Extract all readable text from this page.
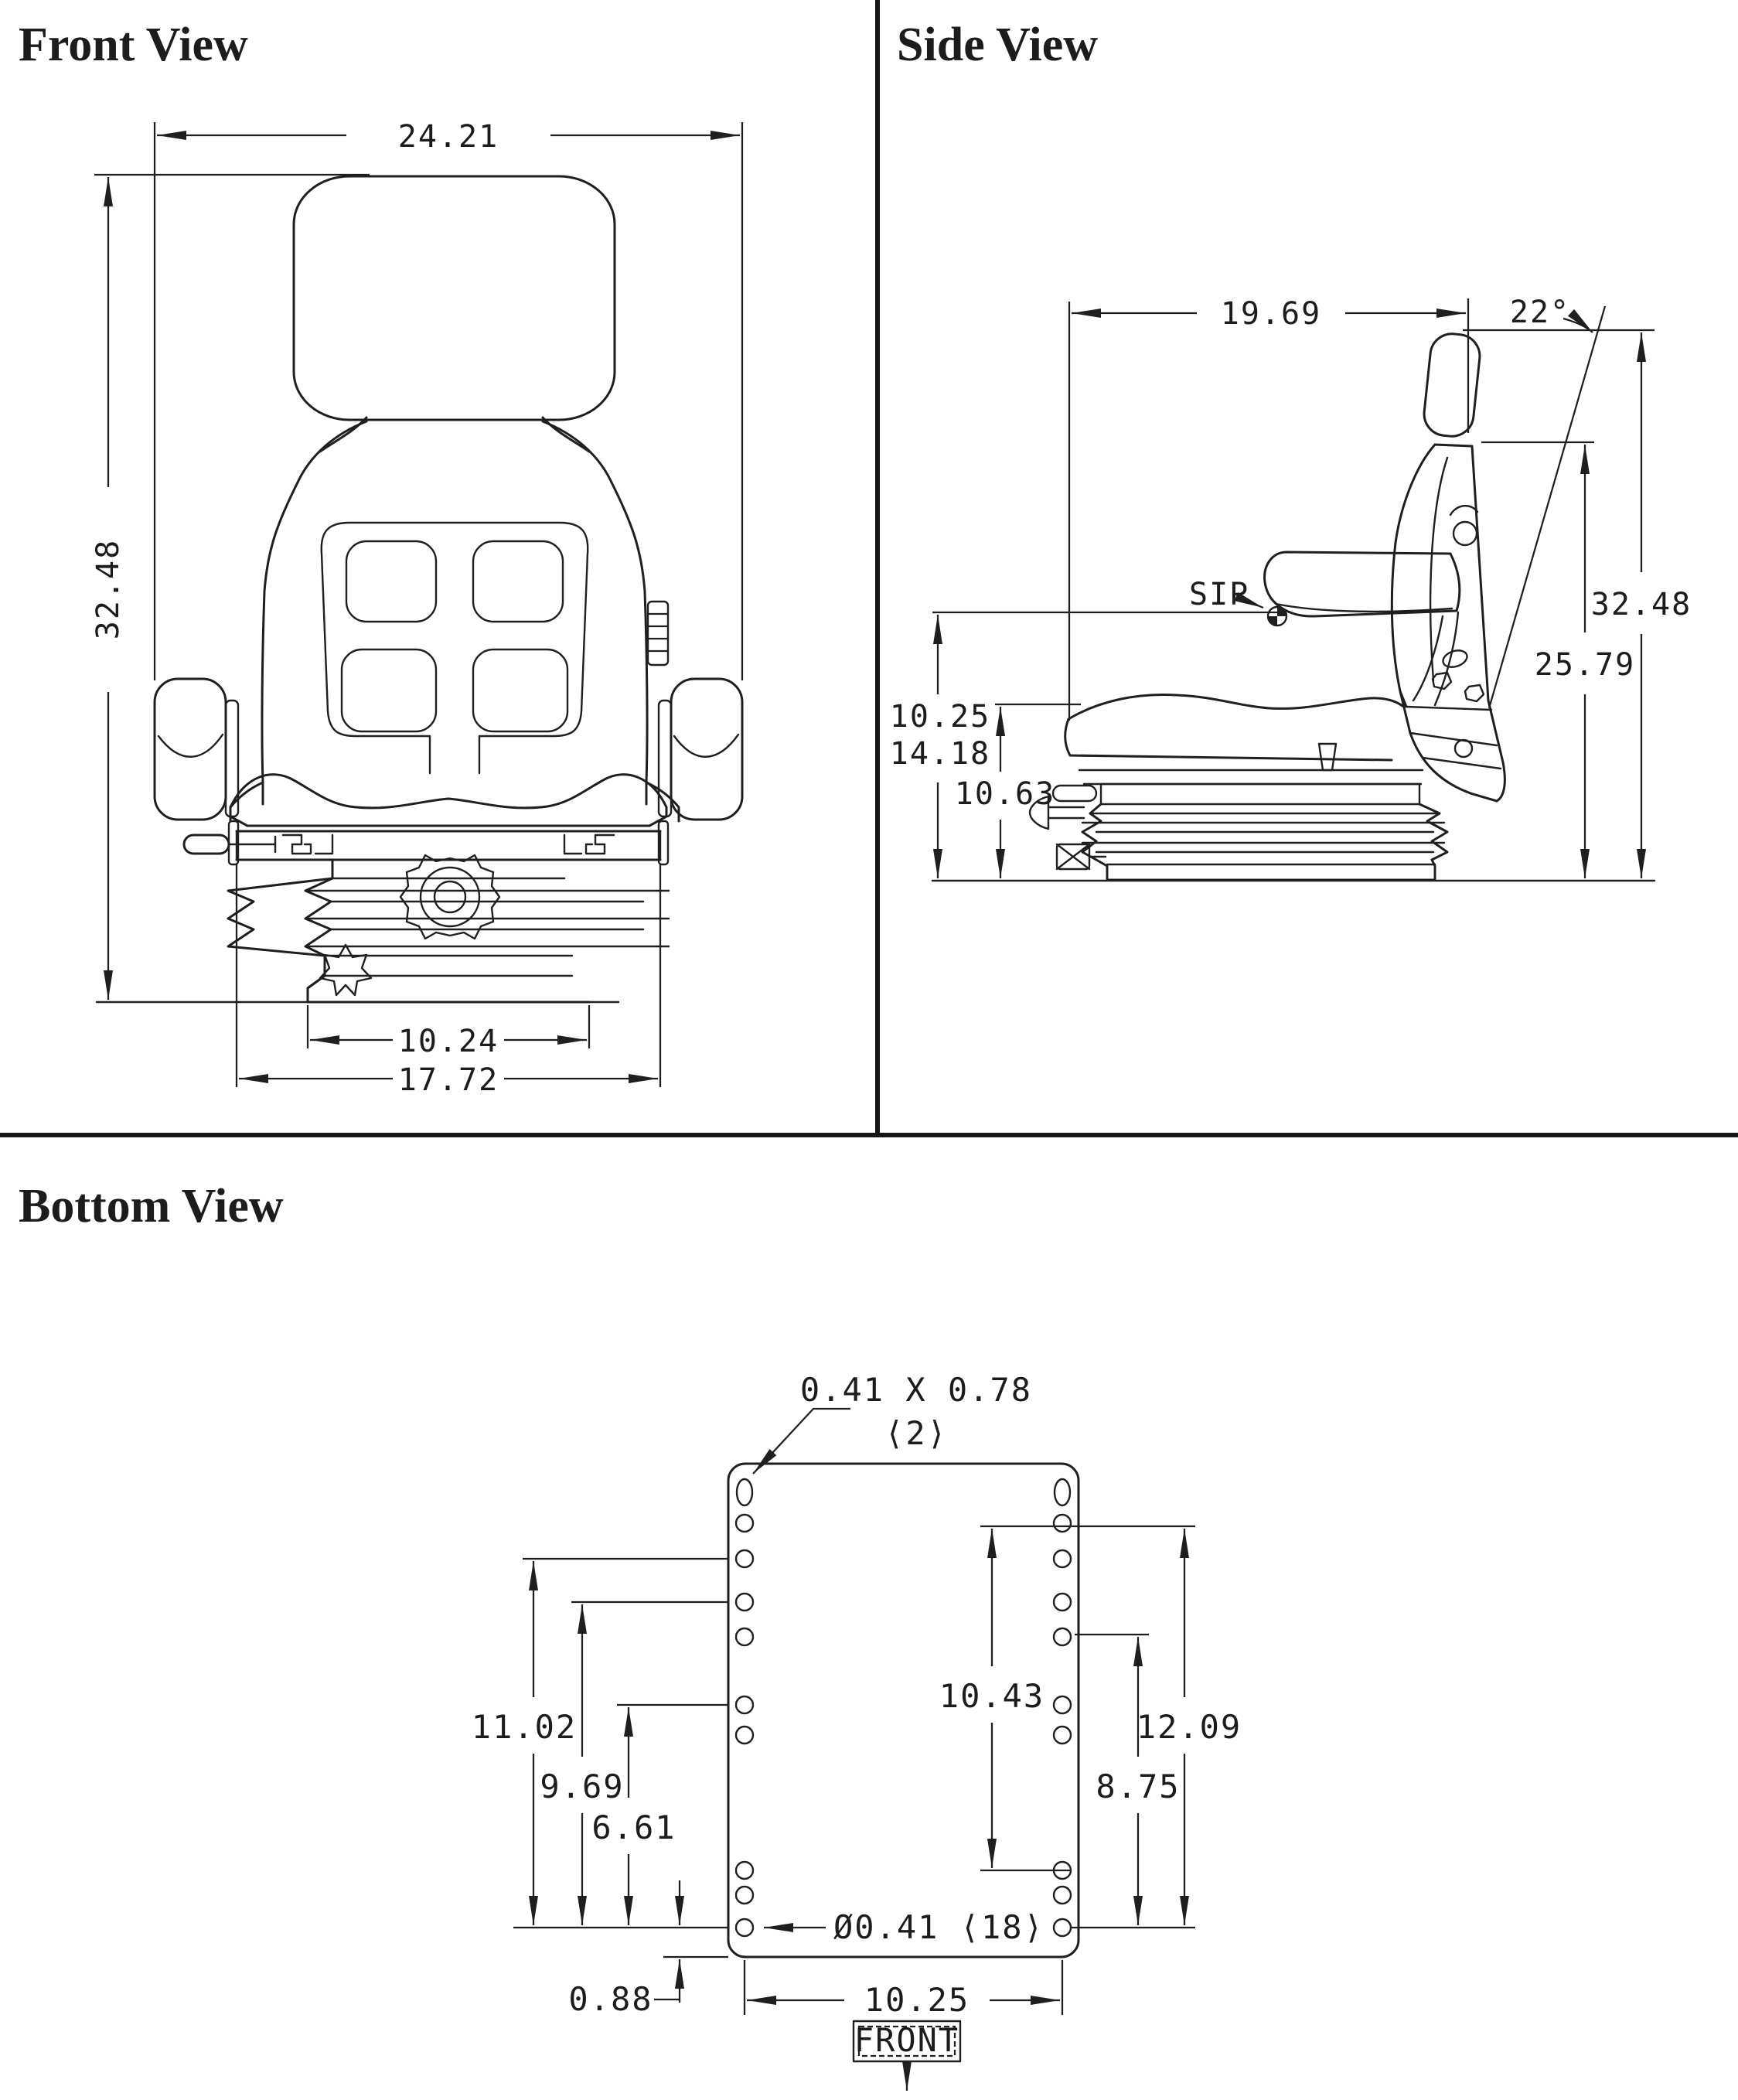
Front View	Side View
Bottom View
24.21
32.48
10.24
17.72
19.69	22°
32.48
25.79
10.25
14.18
10.63
SIP
0.41 X 0.78
⟨2⟩
11.02
9.69
6.61
0.88
10.43
12.09
8.75
Ø0.41 ⟨18⟩
10.25
FRONT
